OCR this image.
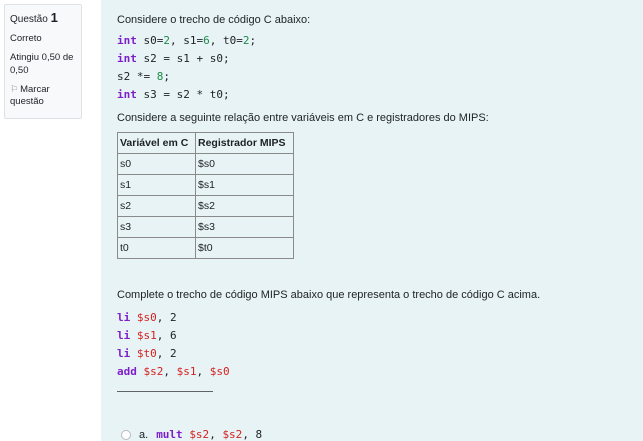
Questão 1
Correto
Atingiu 0,50 de 0,50
⚐ Marcar questão
Considere o trecho de código C abaixo:
int s0=2, s1=6, t0=2;
int s2 = s1 + s0;
s2 *= 8;
int s3 = s2 * t0;
Considere a seguinte relação entre variáveis em C e registradores do MIPS:
Variável em C	Registrador MIPS
s0	$s0
s1	$s1
s2	$s2
s3	$s3
t0	$t0
Complete o trecho de código MIPS abaixo que representa o trecho de código C acima.
li $s0, 2
li $s1, 6
li $t0, 2
add $s2, $s1, $s0
a. mult $s2, $s2, 8
